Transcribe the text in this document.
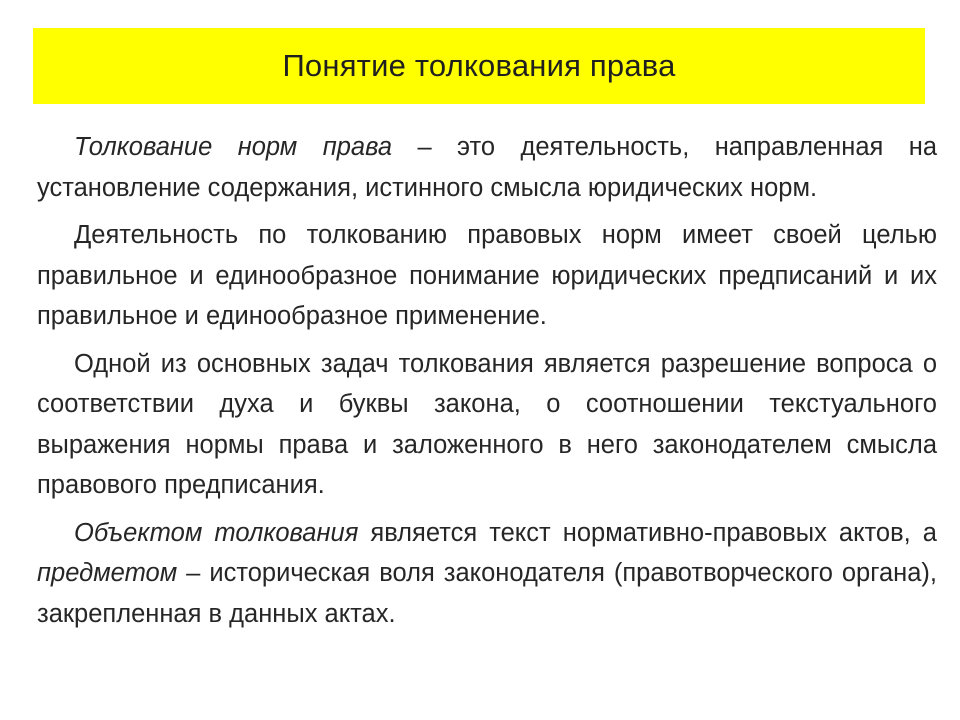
Понятие толкования права

Толкование норм права – это деятельность, направленная на установление содержания, истинного смысла юридических норм.

Деятельность по толкованию правовых норм имеет своей целью правильное и единообразное понимание юридических предписаний и их правильное и единообразное применение.

Одной из основных задач толкования является разрешение вопроса о соответствии духа и буквы закона, о соотношении текстуального выражения нормы права и заложенного в него законодателем смысла правового предписания.

Объектом толкования является текст нормативно-правовых актов, а предметом – историческая воля законодателя (правотворческого органа), закрепленная в данных актах.
